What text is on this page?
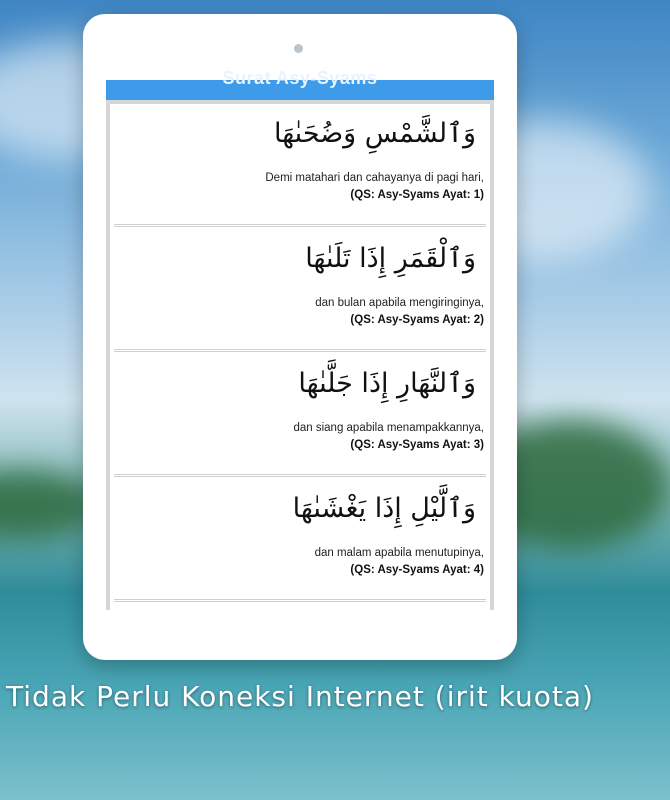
Surat Asy-Syams
وَٱلشَّمْسِ وَضُحَىٰهَا
Demi matahari dan cahayanya di pagi hari,
(QS: Asy-Syams Ayat: 1)
وَٱلْقَمَرِ إِذَا تَلَىٰهَا
dan bulan apabila mengiringinya,
(QS: Asy-Syams Ayat: 2)
وَٱلنَّهَارِ إِذَا جَلَّىٰهَا
dan siang apabila menampakkannya,
(QS: Asy-Syams Ayat: 3)
وَٱلَّيْلِ إِذَا يَغْشَىٰهَا
dan malam apabila menutupinya,
(QS: Asy-Syams Ayat: 4)
Tidak Perlu Koneksi Internet (irit kuota)
